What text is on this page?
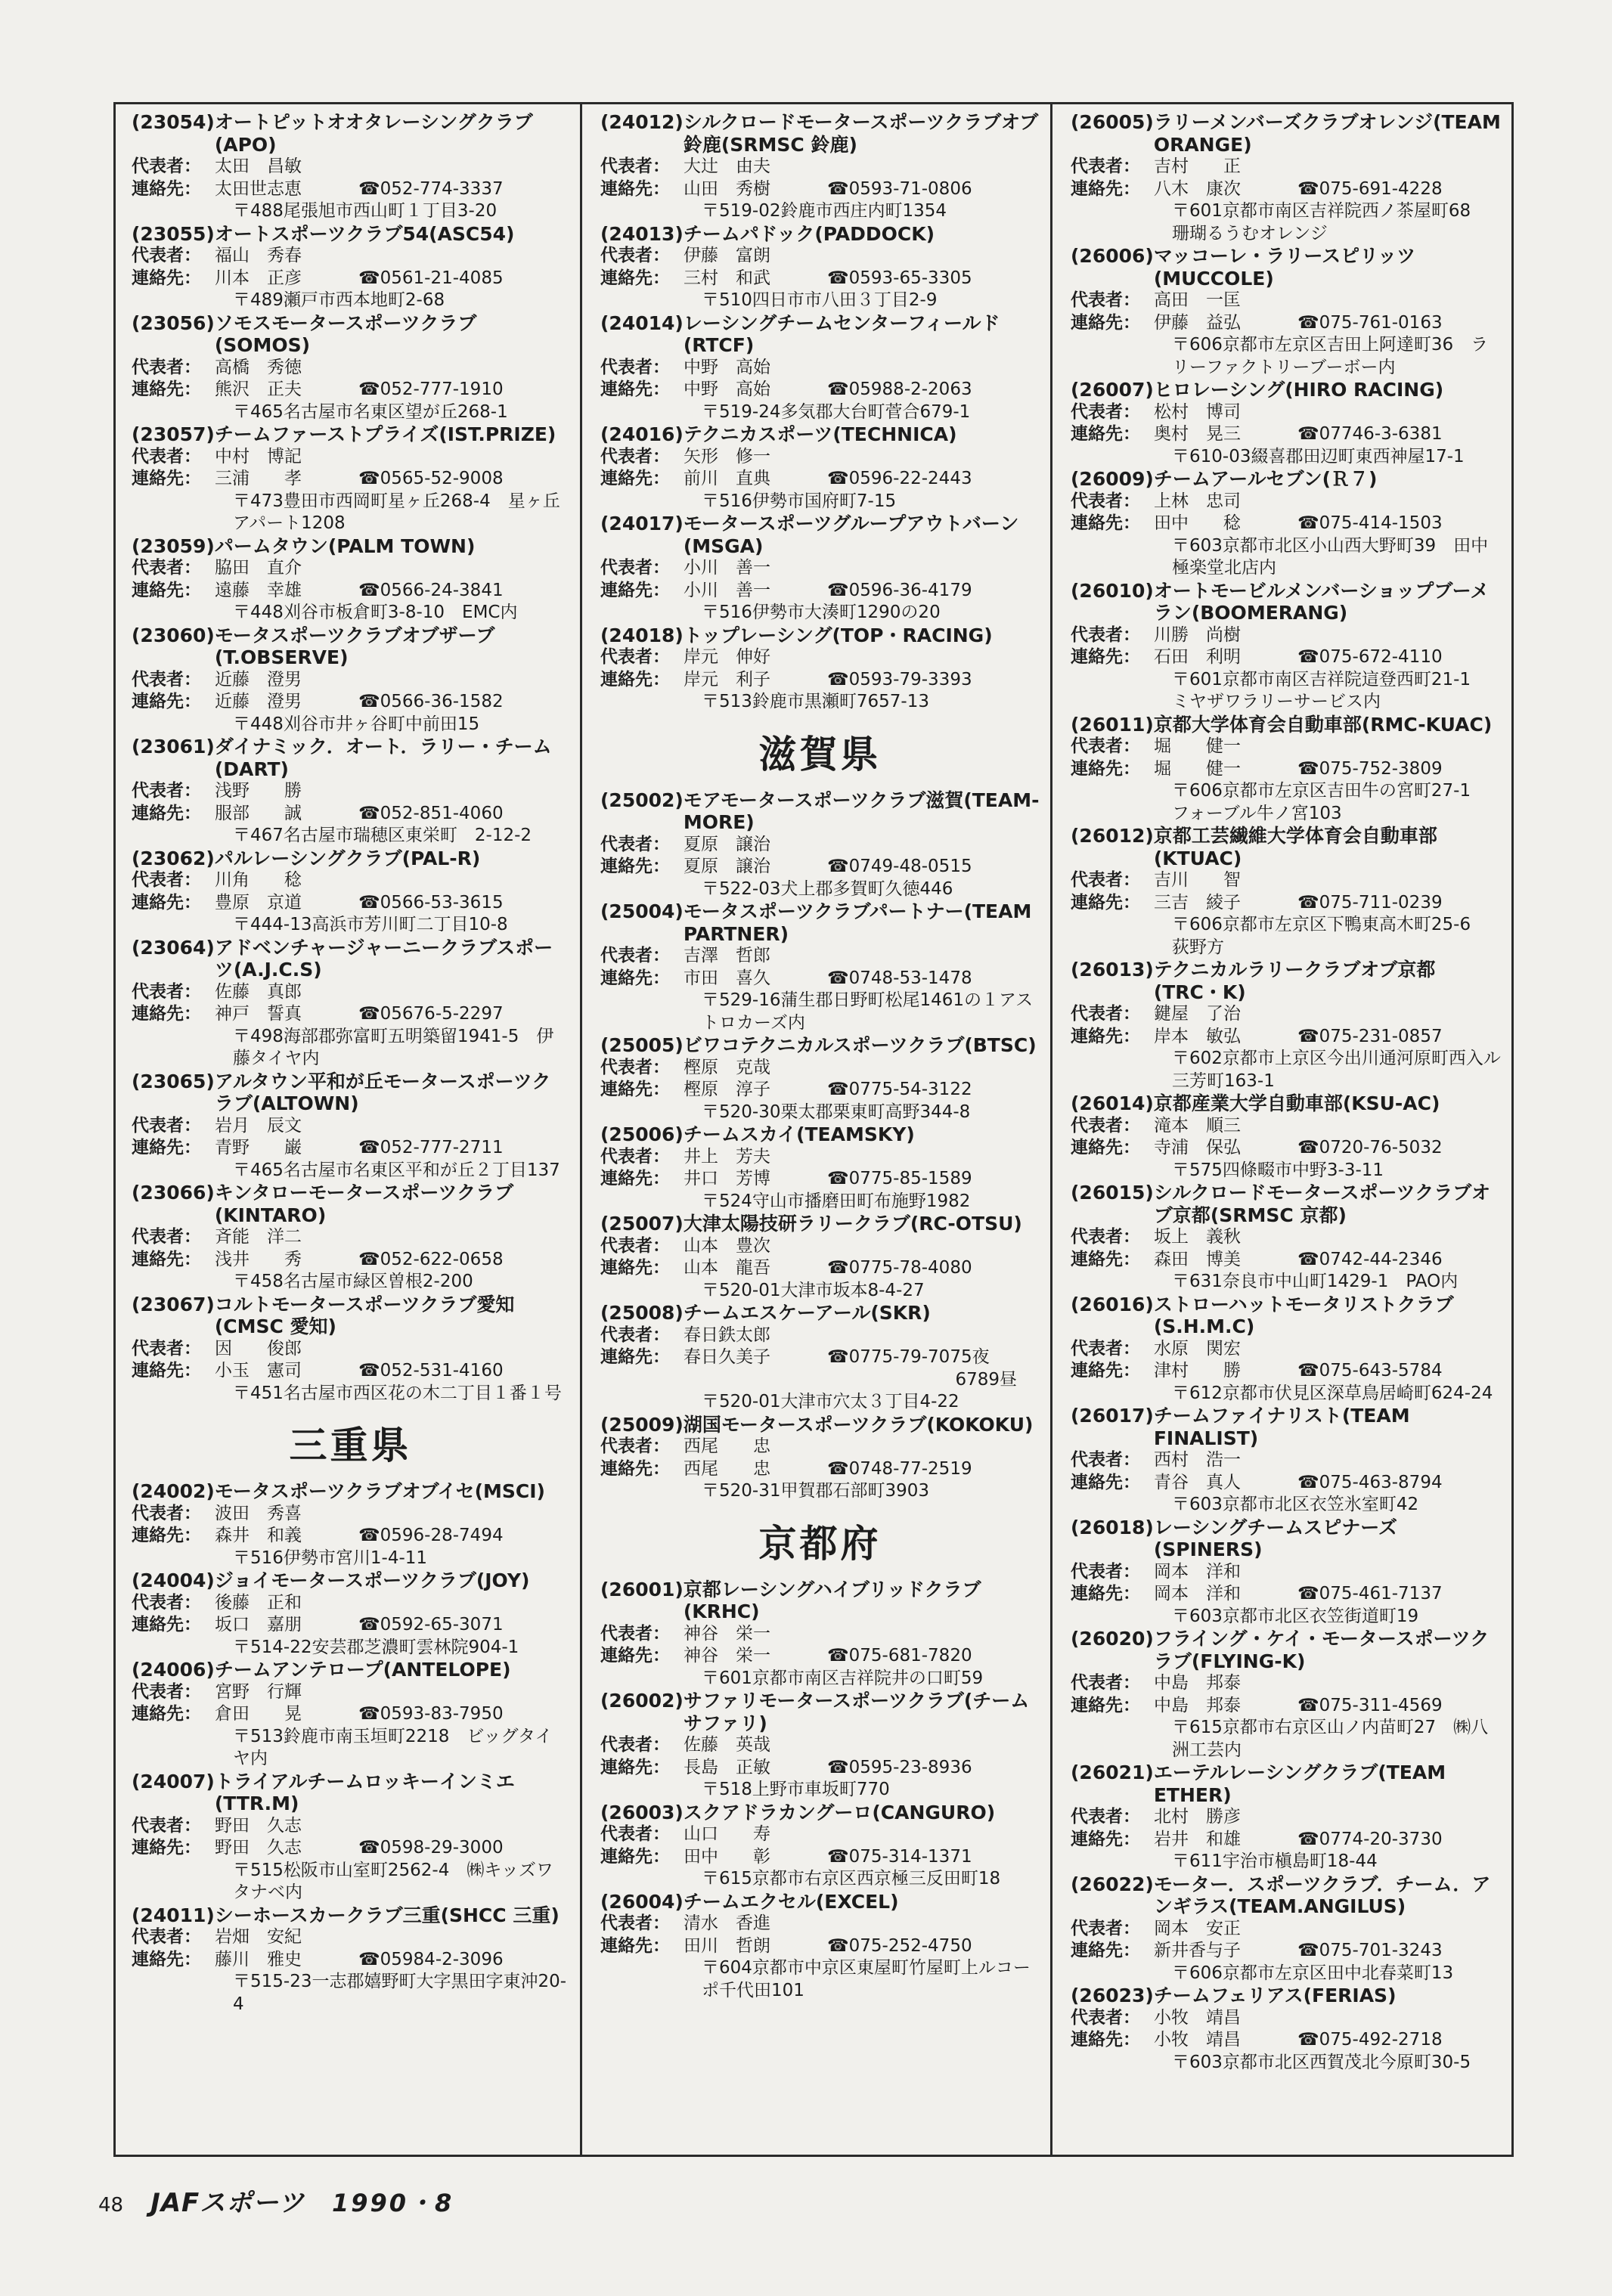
(23054) オートピットオオタレーシングクラブ(APO)
代表者： 太田　昌敏
連絡先： 太田世志恵	☎052-774-3337
〒488尾張旭市西山町１丁目3-20
(23055) オートスポーツクラブ54(ASC54)
代表者： 福山　秀春
連絡先： 川本　正彦	☎0561-21-4085
〒489瀬戸市西本地町2-68
(23056) ソモスモータースポーツクラブ(SOMOS)
代表者： 高橋　秀徳
連絡先： 熊沢　正夫	☎052-777-1910
〒465名古屋市名東区望が丘268-1
(23057) チームファーストプライズ(IST.PRIZE)
代表者： 中村　博記
連絡先： 三浦　　孝	☎0565-52-9008
〒473豊田市西岡町星ヶ丘268-4　星ヶ丘アパート1208
(23059) パームタウン(PALM TOWN)
代表者： 脇田　直介
連絡先： 遠藤　幸雄	☎0566-24-3841
〒448刈谷市板倉町3-8-10　EMC内
(23060) モータスポーツクラブオブザーブ(T.OBSERVE)
代表者： 近藤　澄男
連絡先： 近藤　澄男	☎0566-36-1582
〒448刈谷市井ヶ谷町中前田15
(23061) ダイナミック．オート．ラリー・チーム(DART)
代表者： 浅野　　勝
連絡先： 服部　　誠	☎052-851-4060
〒467名古屋市瑞穂区東栄町　2-12-2
(23062) パルレーシングクラブ(PAL-R)
代表者： 川角　　稔
連絡先： 豊原　京道	☎0566-53-3615
〒444-13高浜市芳川町二丁目10-8
(23064) アドベンチャージャーニークラブスポーツ(A.J.C.S)
代表者： 佐藤　真郎
連絡先： 神戸　誓真	☎05676-5-2297
〒498海部郡弥富町五明築留1941-5　伊藤タイヤ内
(23065) アルタウン平和が丘モータースポーツクラブ(ALTOWN)
代表者： 岩月　辰文
連絡先： 青野　　巌	☎052-777-2711
〒465名古屋市名東区平和が丘２丁目137
(23066) キンタローモータースポーツクラブ(KINTARO)
代表者： 斉能　洋二
連絡先： 浅井　　秀	☎052-622-0658
〒458名古屋市緑区曽根2-200
(23067) コルトモータースポーツクラブ愛知(CMSC 愛知)
代表者： 因　　俊郎
連絡先： 小玉　憲司	☎052-531-4160
〒451名古屋市西区花の木二丁目１番１号
三重県
(24002) モータスポーツクラブオブイセ(MSCI)
代表者： 波田　秀喜
連絡先： 森井　和義	☎0596-28-7494
〒516伊勢市宮川1-4-11
(24004) ジョイモータースポーツクラブ(JOY)
代表者： 後藤　正和
連絡先： 坂口　嘉朋	☎0592-65-3071
〒514-22安芸郡芝濃町雲林院904-1
(24006) チームアンテロープ(ANTELOPE)
代表者： 宮野　行輝
連絡先： 倉田　　晃	☎0593-83-7950
〒513鈴鹿市南玉垣町2218　ビッグタイヤ内
(24007) トライアルチームロッキーインミエ(TTR.M)
代表者： 野田　久志
連絡先： 野田　久志	☎0598-29-3000
〒515松阪市山室町2562-4　㈱キッズワタナベ内
(24011) シーホースカークラブ三重(SHCC 三重)
代表者： 岩畑　安紀
連絡先： 藤川　雅史	☎05984-2-3096
〒515-23一志郡嬉野町大字黒田字東沖20-4
(24012) シルクロードモータースポーツクラブオブ鈴鹿(SRMSC 鈴鹿)
代表者： 大辻　由夫
連絡先： 山田　秀樹	☎0593-71-0806
〒519-02鈴鹿市西庄内町1354
(24013) チームパドック(PADDOCK)
代表者： 伊藤　富朗
連絡先： 三村　和武	☎0593-65-3305
〒510四日市市八田３丁目2-9
(24014) レーシングチームセンターフィールド(RTCF)
代表者： 中野　高始
連絡先： 中野　高始	☎05988-2-2063
〒519-24多気郡大台町菅合679-1
(24016) テクニカスポーツ(TECHNICA)
代表者： 矢形　修一
連絡先： 前川　直典	☎0596-22-2443
〒516伊勢市国府町7-15
(24017) モータースポーツグループアウトバーン(MSGA)
代表者： 小川　善一
連絡先： 小川　善一	☎0596-36-4179
〒516伊勢市大湊町1290の20
(24018) トップレーシング(TOP・RACING)
代表者： 岸元　伸好
連絡先： 岸元　利子	☎0593-79-3393
〒513鈴鹿市黒瀬町7657-13
滋賀県
(25002) モアモータースポーツクラブ滋賀(TEAM-MORE)
代表者： 夏原　譲治
連絡先： 夏原　譲治	☎0749-48-0515
〒522-03犬上郡多賀町久徳446
(25004) モータスポーツクラブパートナー(TEAM PARTNER)
代表者： 吉澤　哲郎
連絡先： 市田　喜久	☎0748-53-1478
〒529-16蒲生郡日野町松尾1461の１アストロカーズ内
(25005) ビワコテクニカルスポーツクラブ(BTSC)
代表者： 樫原　克哉
連絡先： 樫原　淳子	☎0775-54-3122
〒520-30栗太郡栗東町高野344-8
(25006) チームスカイ(TEAMSKY)
代表者： 井上　芳夫
連絡先： 井口　芳博	☎0775-85-1589
〒524守山市播磨田町布施野1982
(25007) 大津太陽技研ラリークラブ(RC-OTSU)
代表者： 山本　豊次
連絡先： 山本　龍吾	☎0775-78-4080
〒520-01大津市坂本8-4-27
(25008) チームエスケーアール(SKR)
代表者： 春日鉄太郎
連絡先： 春日久美子	☎0775-79-7075夜
6789昼
〒520-01大津市穴太３丁目4-22
(25009) 湖国モータースポーツクラブ(KOKOKU)
代表者： 西尾　　忠
連絡先： 西尾　　忠	☎0748-77-2519
〒520-31甲賀郡石部町3903
京都府
(26001) 京都レーシングハイブリッドクラブ(KRHC)
代表者： 神谷　栄一
連絡先： 神谷　栄一	☎075-681-7820
〒601京都市南区吉祥院井の口町59
(26002) サファリモータースポーツクラブ(チームサファリ)
代表者： 佐藤　英哉
連絡先： 長島　正敏	☎0595-23-8936
〒518上野市車坂町770
(26003) スクアドラカングーロ(CANGURO)
代表者： 山口　　寿
連絡先： 田中　　彰	☎075-314-1371
〒615京都市右京区西京極三反田町18
(26004) チームエクセル(EXCEL)
代表者： 清水　香進
連絡先： 田川　哲朗	☎075-252-4750
〒604京都市中京区東屋町竹屋町上ルコーポ千代田101
(26005) ラリーメンバーズクラブオレンジ(TEAM ORANGE)
代表者： 吉村　　正
連絡先： 八木　康次	☎075-691-4228
〒601京都市南区吉祥院西ノ茶屋町68　珊瑚るうむオレンジ
(26006) マッコーレ・ラリースピリッツ(MUCCOLE)
代表者： 高田　一匡
連絡先： 伊藤　益弘	☎075-761-0163
〒606京都市左京区吉田上阿達町36　ラリーファクトリーブーボー内
(26007) ヒロレーシング(HIRO RACING)
代表者： 松村　博司
連絡先： 奥村　晃三	☎07746-3-6381
〒610-03綴喜郡田辺町東西神屋17-1
(26009) チームアールセブン(Ｒ７)
代表者： 上林　忠司
連絡先： 田中　　稔	☎075-414-1503
〒603京都市北区小山西大野町39　田中極楽堂北店内
(26010) オートモービルメンバーショップブーメラン(BOOMERANG)
代表者： 川勝　尚樹
連絡先： 石田　利明	☎075-672-4110
〒601京都市南区吉祥院這登西町21-1　ミヤザワラリーサービス内
(26011) 京都大学体育会自動車部(RMC-KUAC)
代表者： 堀　　健一
連絡先： 堀　　健一	☎075-752-3809
〒606京都市左京区吉田牛の宮町27-1　フォーブル牛ノ宮103
(26012) 京都工芸繊維大学体育会自動車部(KTUAC)
代表者： 吉川　　智
連絡先： 三吉　綾子	☎075-711-0239
〒606京都市左京区下鴨東高木町25-6　荻野方
(26013) テクニカルラリークラブオブ京都(TRC・K)
代表者： 鍵屋　了治
連絡先： 岸本　敏弘	☎075-231-0857
〒602京都市上京区今出川通河原町西入ル三芳町163-1
(26014) 京都産業大学自動車部(KSU-AC)
代表者： 滝本　順三
連絡先： 寺浦　保弘	☎0720-76-5032
〒575四條畷市中野3-3-11
(26015) シルクロードモータースポーツクラブオブ京都(SRMSC 京都)
代表者： 坂上　義秋
連絡先： 森田　博美	☎0742-44-2346
〒631奈良市中山町1429-1　PAO内
(26016) ストローハットモータリストクラブ(S.H.M.C)
代表者： 水原　関宏
連絡先： 津村　　勝	☎075-643-5784
〒612京都市伏見区深草鳥居崎町624-24
(26017) チームファイナリスト(TEAM FINALIST)
代表者： 西村　浩一
連絡先： 青谷　真人	☎075-463-8794
〒603京都市北区衣笠氷室町42
(26018) レーシングチームスピナーズ(SPINERS)
代表者： 岡本　洋和
連絡先： 岡本　洋和	☎075-461-7137
〒603京都市北区衣笠街道町19
(26020) フライング・ケイ・モータースポーツクラブ(FLYING-K)
代表者： 中島　邦泰
連絡先： 中島　邦泰	☎075-311-4569
〒615京都市右京区山ノ内苗町27　㈱八洲工芸内
(26021) エーテルレーシングクラブ(TEAM ETHER)
代表者： 北村　勝彦
連絡先： 岩井　和雄	☎0774-20-3730
〒611宇治市槇島町18-44
(26022) モーター．スポーツクラブ．チーム．アンギラス(TEAM.ANGILUS)
代表者： 岡本　安正
連絡先： 新井香与子	☎075-701-3243
〒606京都市左京区田中北春菜町13
(26023) チームフェリアス(FERIAS)
代表者： 小牧　靖昌
連絡先： 小牧　靖昌	☎075-492-2718
〒603京都市北区西賀茂北今原町30-5
48 JAFスポーツ 1990・8
